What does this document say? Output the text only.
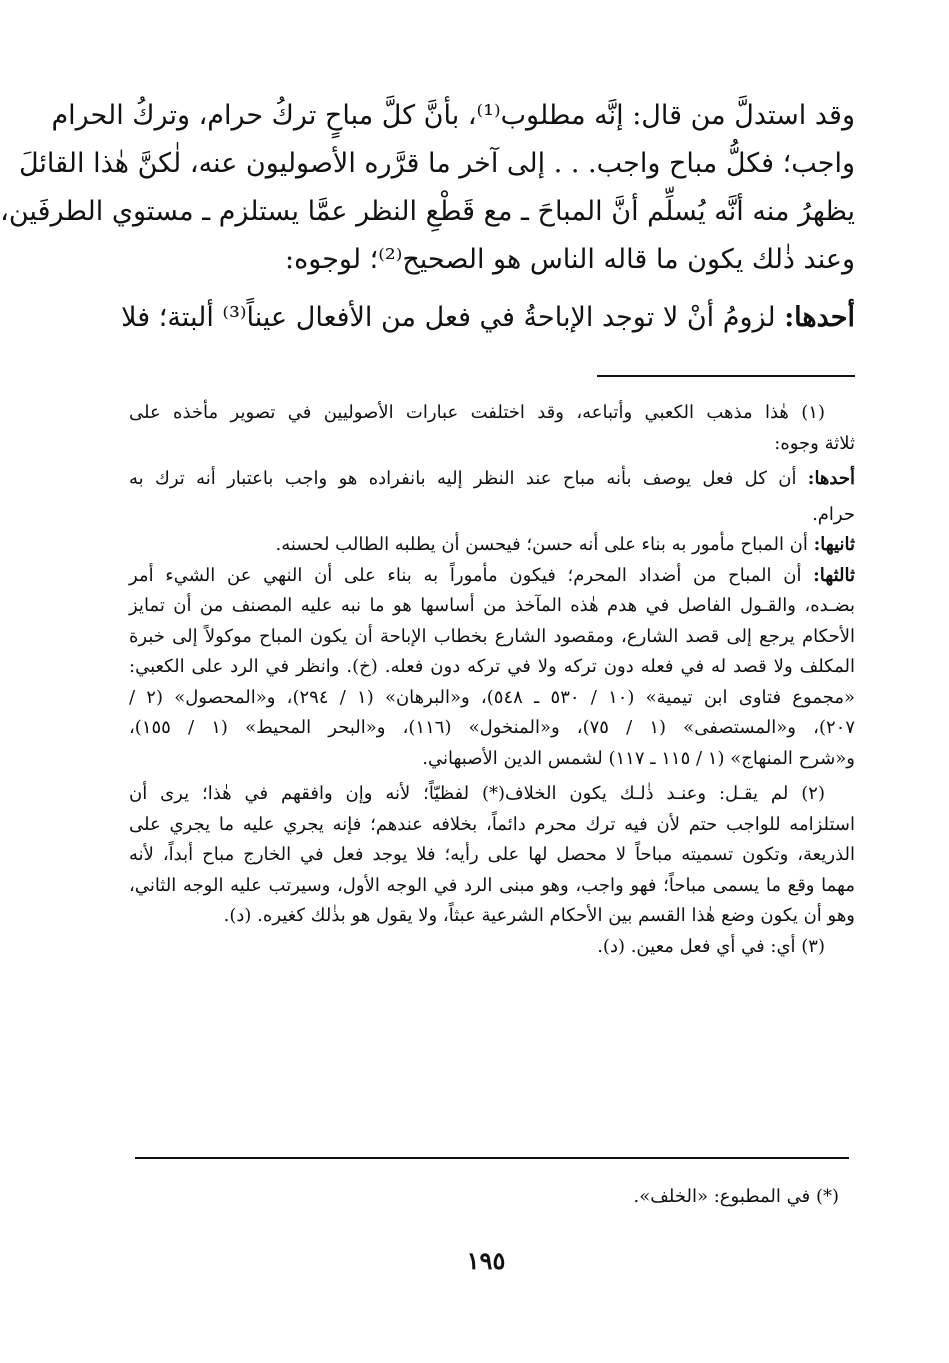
وقد استدلَّ من قال: إنَّه مطلوب⁽¹⁾، بأنَّ كلَّ مباحٍ تركُ حرام، وتركُ الحرام
واجب؛ فكلُّ مباح واجب. . . إلى آخر ما قرَّره الأصوليون عنه، لٰكنَّ هٰذا القائلَ
يظهرُ منه أنَّه يُسلِّم أنَّ المباحَ ـ مع قَطْعِ النظر عمَّا يستلزم ـ مستوي الطرفَين،
وعند ذٰلك يكون ما قاله الناس هو الصحيح⁽²⁾؛ لوجوه:
أحدها: لزومُ أنْ لا توجد الإباحةُ في فعل من الأفعال عيناً⁽³⁾ ألبتة؛ فلا
(١) هٰذا مذهب الكعبي وأتباعه، وقد اختلفت عبارات الأصوليين في تصوير مأخذه على
ثلاثة وجوه:
أحدها: أن كل فعل يوصف بأنه مباح عند النظر إليه بانفراده هو واجب باعتبار أنه ترك به
حرام.
ثانيها: أن المباح مأمور به بناء على أنه حسن؛ فيحسن أن يطلبه الطالب لحسنه.
ثالثها: أن المباح من أضداد المحرم؛ فيكون مأموراً به بناء على أن النهي عن الشيء أمر
بضـده، والقـول الفاصل في هدم هٰذه المآخذ من أساسها هو ما نبه عليه المصنف من أن تمايز
الأحكام يرجع إلى قصد الشارع، ومقصود الشارع بخطاب الإباحة أن يكون المباح موكولاً إلى خبرة
المكلف ولا قصد له في فعله دون تركه ولا في تركه دون فعله. (خ). وانظر في الرد على الكعبي:
«مجموع فتاوى ابن تيمية» (١٠ / ٥٣٠ ـ ٥٤٨)، و«البرهان» (١ / ٢٩٤)، و«المحصول» (٢ /
٢٠٧)، و«المستصفى» (١ / ٧٥)، و«المنخول» (١١٦)، و«البحر المحيط» (١ / ١٥٥)،
و«شرح المنهاج» (١ / ١١٥ ـ ١١٧) لشمس الدين الأصبهاني.
(٢) لم يقـل: وعنـد ذٰلـك يكون الخلاف(*) لفظيّاً؛ لأنه وإن وافقهم في هٰذا؛ يرى أن
استلزامه للواجب حتم لأن فيه ترك محرم دائماً، بخلافه عندهم؛ فإنه يجري عليه ما يجري على
الذريعة، وتكون تسميته مباحاً لا محصل لها على رأيه؛ فلا يوجد فعل في الخارج مباح أبداً، لأنه
مهما وقع ما يسمى مباحاً؛ فهو واجب، وهو مبنى الرد في الوجه الأول، وسيرتب عليه الوجه الثاني،
وهو أن يكون وضع هٰذا القسم بين الأحكام الشرعية عبثاً، ولا يقول هو بذٰلك كغيره. (د).
(٣) أي: في أي فعل معين. (د).
(*) في المطبوع: «الخلف».
١٩٥
